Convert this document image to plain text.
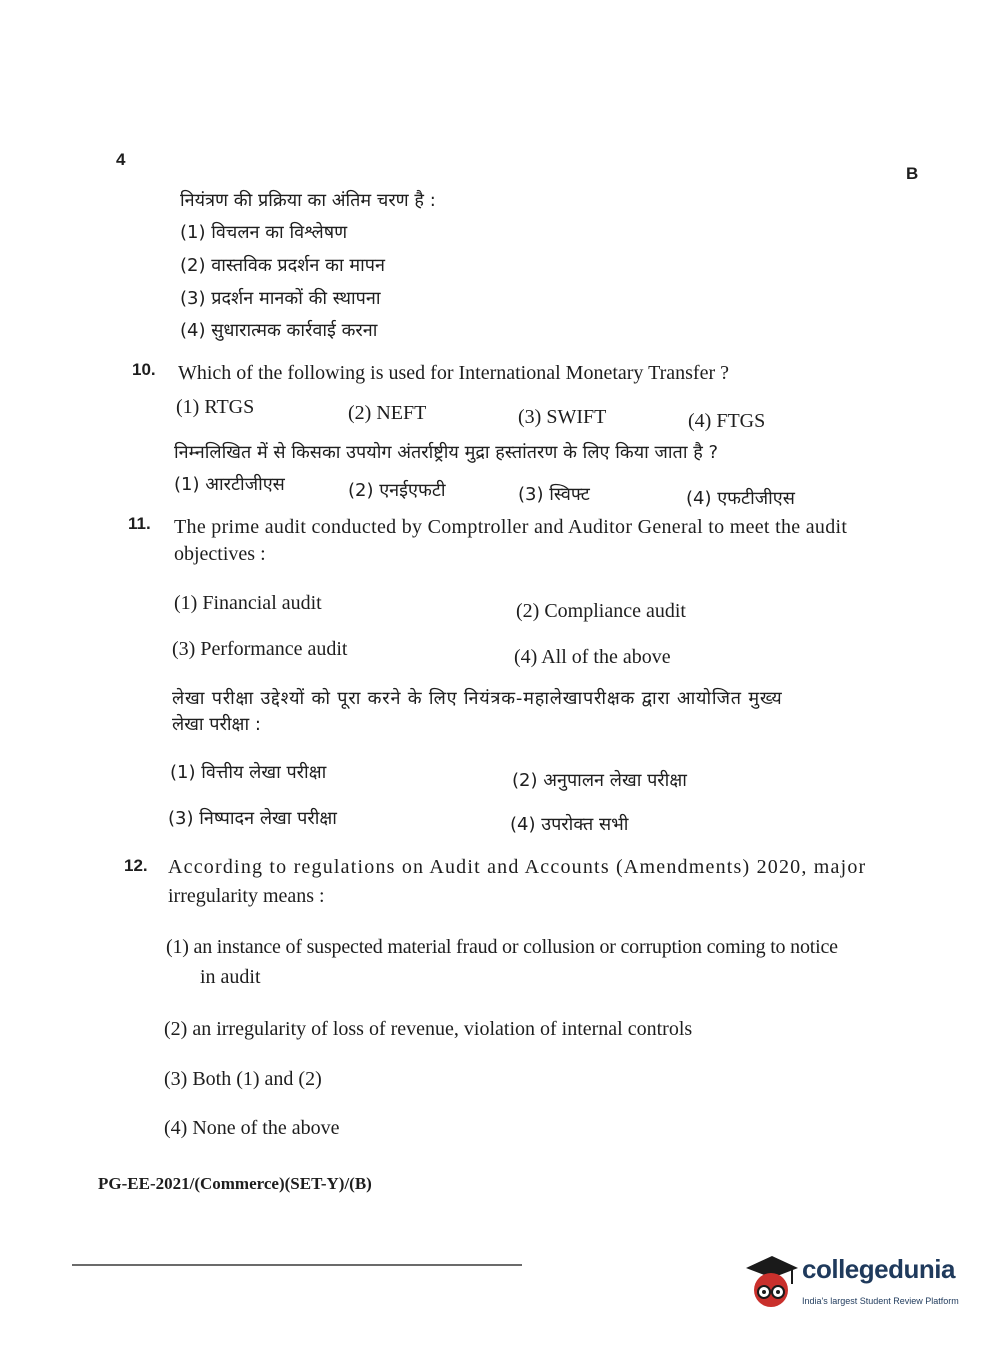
4
B
नियंत्रण की प्रक्रिया का अंतिम चरण है :
(1) विचलन का विश्लेषण
(2) वास्तविक प्रदर्शन का मापन
(3) प्रदर्शन मानकों की स्थापना
(4) सुधारात्मक कार्रवाई करना
10. Which of the following is used for International Monetary Transfer ?
(1) RTGS	(2) NEFT	(3) SWIFT	(4) FTGS
निम्नलिखित में से किसका उपयोग अंतर्राष्ट्रीय मुद्रा हस्तांतरण के लिए किया जाता है ?
(1) आरटीजीएस	(2) एनईएफटी	(3) स्विफ्ट	(4) एफटीजीएस
11. The prime audit conducted by Comptroller and Auditor General to meet the audit
objectives :
(1) Financial audit	(2) Compliance audit
(3) Performance audit	(4) All of the above
लेखा परीक्षा उद्देश्यों को पूरा करने के लिए नियंत्रक-महालेखापरीक्षक द्वारा आयोजित मुख्य
लेखा परीक्षा :
(1) वित्तीय लेखा परीक्षा	(2) अनुपालन लेखा परीक्षा
(3) निष्पादन लेखा परीक्षा	(4) उपरोक्त सभी
12. According to regulations on Audit and Accounts (Amendments) 2020, major
irregularity means :
(1) an instance of suspected material fraud or collusion or corruption coming to notice
in audit
(2) an irregularity of loss of revenue, violation of internal controls
(3) Both (1) and (2)
(4) None of the above
PG-EE-2021/(Commerce)(SET-Y)/(B)
collegedunia
India's largest Student Review Platform
